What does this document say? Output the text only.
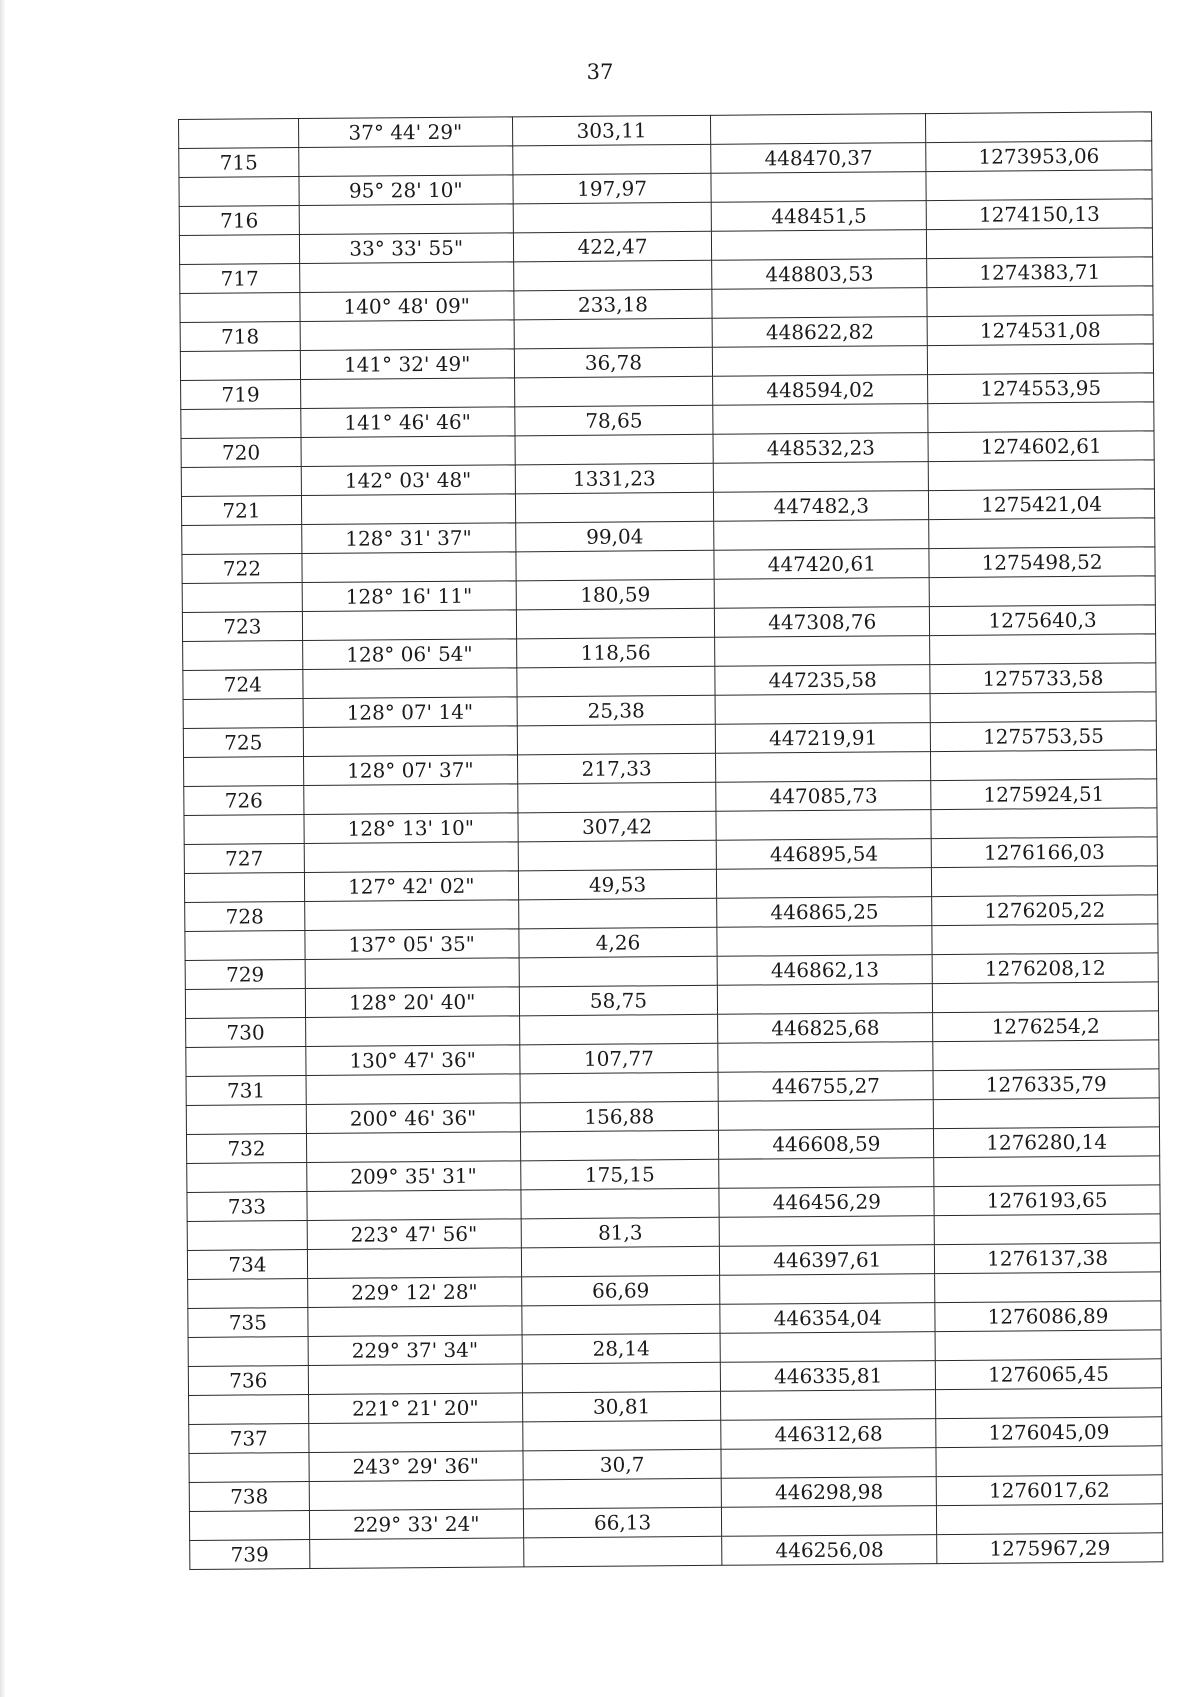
37
	37° 44' 29"	303,11		
715			448470,37	1273953,06
	95° 28' 10"	197,97		
716			448451,5	1274150,13
	33° 33' 55"	422,47		
717			448803,53	1274383,71
	140° 48' 09"	233,18		
718			448622,82	1274531,08
	141° 32' 49"	36,78		
719			448594,02	1274553,95
	141° 46' 46"	78,65		
720			448532,23	1274602,61
	142° 03' 48"	1331,23		
721			447482,3	1275421,04
	128° 31' 37"	99,04		
722			447420,61	1275498,52
	128° 16' 11"	180,59		
723			447308,76	1275640,3
	128° 06' 54"	118,56		
724			447235,58	1275733,58
	128° 07' 14"	25,38		
725			447219,91	1275753,55
	128° 07' 37"	217,33		
726			447085,73	1275924,51
	128° 13' 10"	307,42		
727			446895,54	1276166,03
	127° 42' 02"	49,53		
728			446865,25	1276205,22
	137° 05' 35"	4,26		
729			446862,13	1276208,12
	128° 20' 40"	58,75		
730			446825,68	1276254,2
	130° 47' 36"	107,77		
731			446755,27	1276335,79
	200° 46' 36"	156,88		
732			446608,59	1276280,14
	209° 35' 31"	175,15		
733			446456,29	1276193,65
	223° 47' 56"	81,3		
734			446397,61	1276137,38
	229° 12' 28"	66,69		
735			446354,04	1276086,89
	229° 37' 34"	28,14		
736			446335,81	1276065,45
	221° 21' 20"	30,81		
737			446312,68	1276045,09
	243° 29' 36"	30,7		
738			446298,98	1276017,62
	229° 33' 24"	66,13		
739			446256,08	1275967,29
